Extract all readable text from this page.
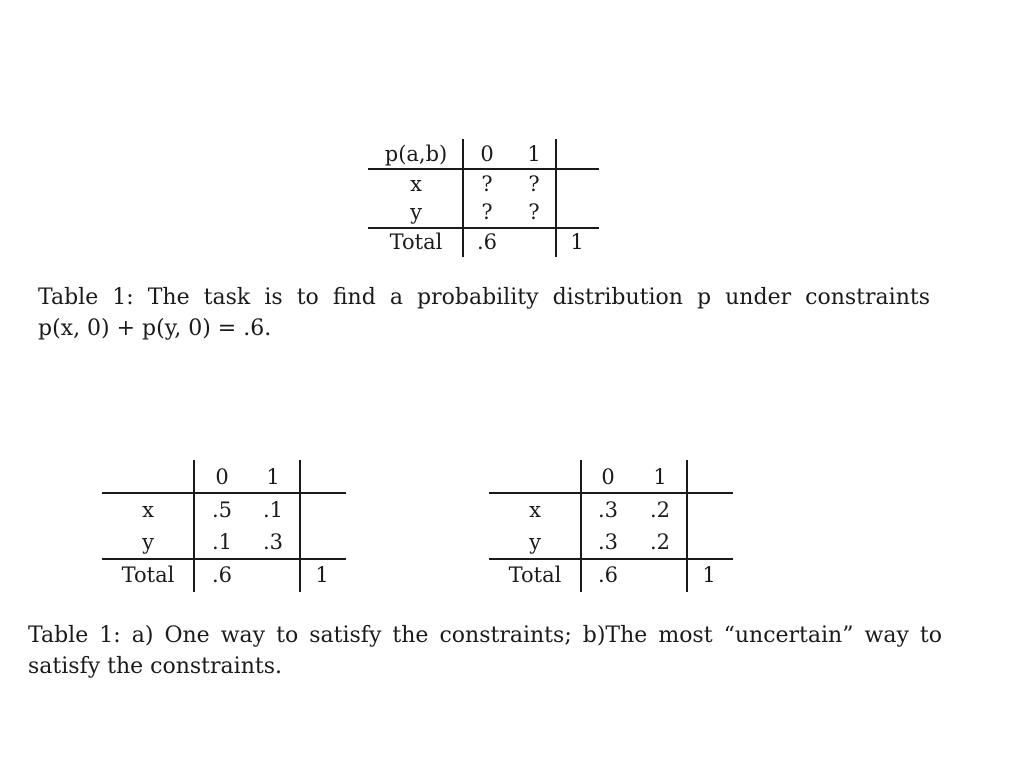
p(a,b) 0 1
x	? ?
y	? ?
Total .6	1
Table 1: The task is to find a probability distribution p under constraints
p(x, 0) + p(y, 0) = .6.
0 1
x	.5 .1
y	.1 .3
Total .6	1
0 1
x	.3 .2
y	.3 .2
Total .6	1
Table 1: a) One way to satisfy the constraints; b)The most “uncertain” way to
satisfy the constraints.
